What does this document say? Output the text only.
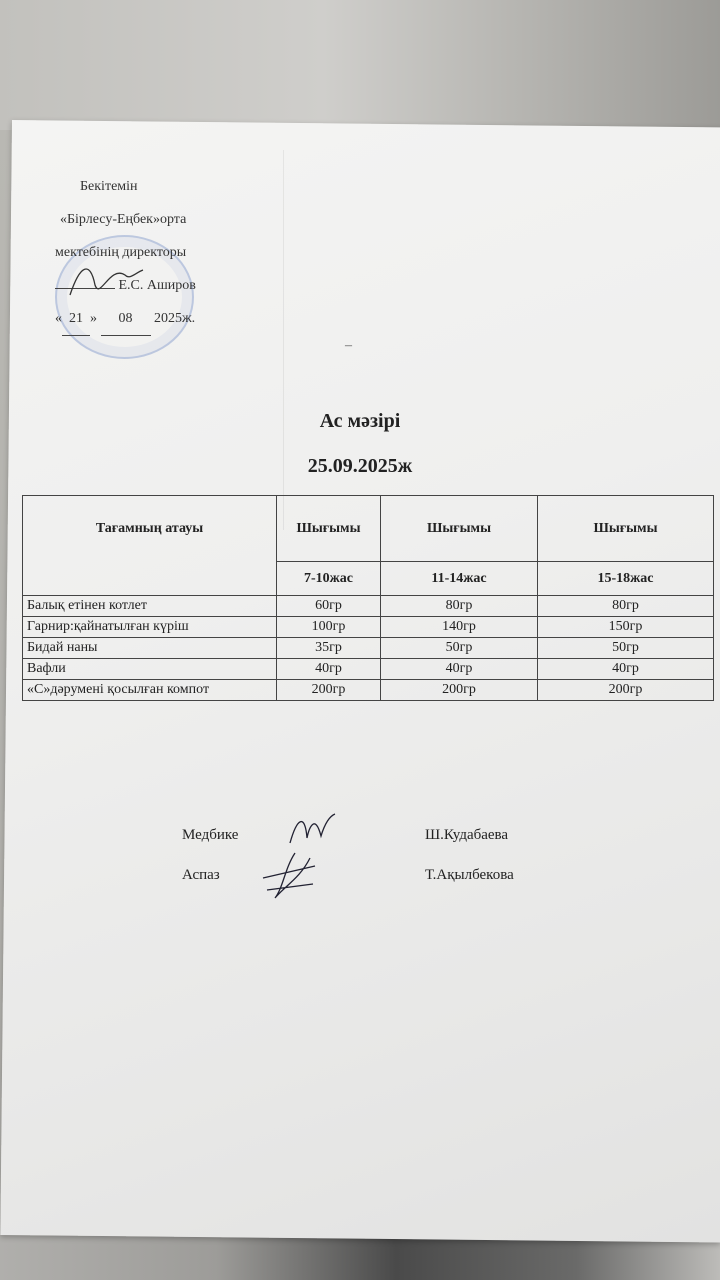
Бекітемін
«Бірлесу-Еңбек»орта
мектебінің директоры
Е.С. Аширов
« 21 » 08 2025ж.
–
Ас мәзірі
25.09.2025ж
Тағамның атауы	Шығымы	Шығымы	Шығымы
	7-10жас	11-14жас	15-18жас
Балық етінен котлет	60гр	80гр	80гр
Гарнир:қайнатылған күріш	100гр	140гр	150гр
Бидай наны	35гр	50гр	50гр
Вафли	40гр	40гр	40гр
«С»дәрумені қосылған компот	200гр	200гр	200гр
Медбике	Ш.Кудабаева
Аспаз	Т.Ақылбекова
